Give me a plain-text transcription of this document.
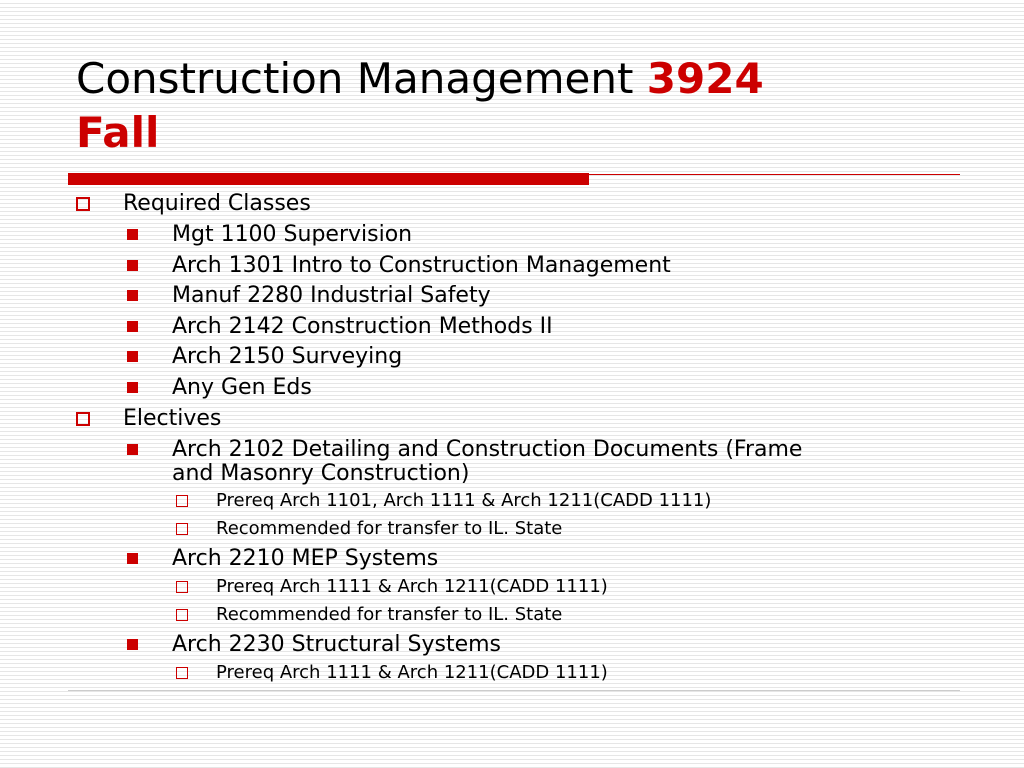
Construction Management 3924
Fall
Required Classes
Mgt 1100 Supervision
Arch 1301 Intro to Construction Management
Manuf 2280 Industrial Safety
Arch 2142 Construction Methods II
Arch 2150 Surveying
Any Gen Eds
Electives
Arch 2102 Detailing and Construction Documents (Frame
and Masonry Construction)
Prereq Arch 1101, Arch 1111 & Arch 1211(CADD 1111)
Recommended for transfer to IL. State
Arch 2210 MEP Systems
Prereq Arch 1111 & Arch 1211(CADD 1111)
Recommended for transfer to IL. State
Arch 2230 Structural Systems
Prereq Arch 1111 & Arch 1211(CADD 1111)
